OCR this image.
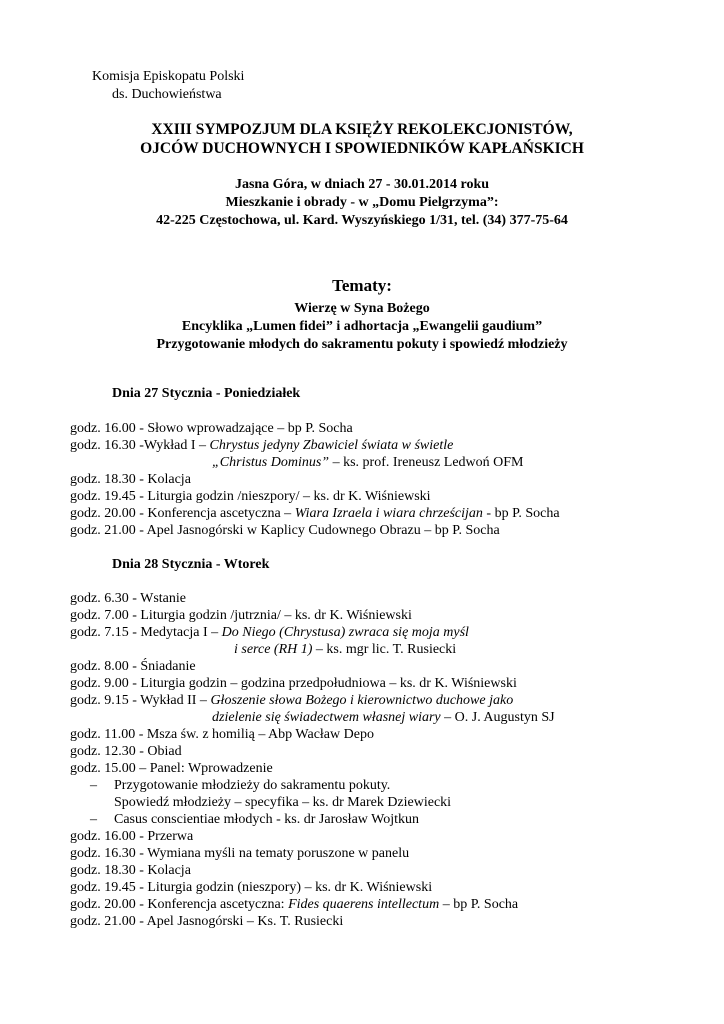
Komisja Episkopatu Polski
ds. Duchowieństwa
XXIII SYMPOZJUM DLA KSIĘŻY REKOLEKCJONISTÓW,
OJCÓW DUCHOWNYCH I SPOWIEDNIKÓW KAPŁAŃSKICH
Jasna Góra, w dniach 27 - 30.01.2014 roku
Mieszkanie i obrady - w „Domu Pielgrzyma”:
42-225 Częstochowa, ul. Kard. Wyszyńskiego 1/31, tel. (34) 377-75-64
Tematy:
Wierzę w Syna Bożego
Encyklika „Lumen fidei” i adhortacja „Ewangelii gaudium”
Przygotowanie młodych do sakramentu pokuty i spowiedź młodzieży
Dnia 27 Stycznia - Poniedziałek
godz. 16.00 - Słowo wprowadzające – bp P. Socha
godz. 16.30 -Wykład I – Chrystus jedyny Zbawiciel świata w świetle
„Christus Dominus” – ks. prof. Ireneusz Ledwoń OFM
godz. 18.30 - Kolacja
godz. 19.45 - Liturgia godzin /nieszpory/ – ks. dr K. Wiśniewski
godz. 20.00 - Konferencja ascetyczna – Wiara Izraela i wiara chrześcijan - bp P. Socha
godz. 21.00 - Apel Jasnogórski w Kaplicy Cudownego Obrazu – bp P. Socha
Dnia 28 Stycznia - Wtorek
godz. 6.30 - Wstanie
godz. 7.00 - Liturgia godzin /jutrznia/ – ks. dr K. Wiśniewski
godz. 7.15 - Medytacja I – Do Niego (Chrystusa) zwraca się moja myśl
i serce (RH 1) – ks. mgr lic. T. Rusiecki
godz. 8.00 - Śniadanie
godz. 9.00 - Liturgia godzin – godzina przedpołudniowa – ks. dr K. Wiśniewski
godz. 9.15 - Wykład II – Głoszenie słowa Bożego i kierownictwo duchowe jako
dzielenie się świadectwem własnej wiary – O. J. Augustyn SJ
godz. 11.00 - Msza św. z homilią – Abp Wacław Depo
godz. 12.30 - Obiad
godz. 15.00 – Panel: Wprowadzenie
– Przygotowanie młodzieży do sakramentu pokuty.
Spowiedź młodzieży – specyfika – ks. dr Marek Dziewiecki
– Casus conscientiae młodych - ks. dr Jarosław Wojtkun
godz. 16.00 - Przerwa
godz. 16.30 - Wymiana myśli na tematy poruszone w panelu
godz. 18.30 - Kolacja
godz. 19.45 - Liturgia godzin (nieszpory) – ks. dr K. Wiśniewski
godz. 20.00 - Konferencja ascetyczna: Fides quaerens intellectum – bp P. Socha
godz. 21.00 - Apel Jasnogórski – Ks. T. Rusiecki
